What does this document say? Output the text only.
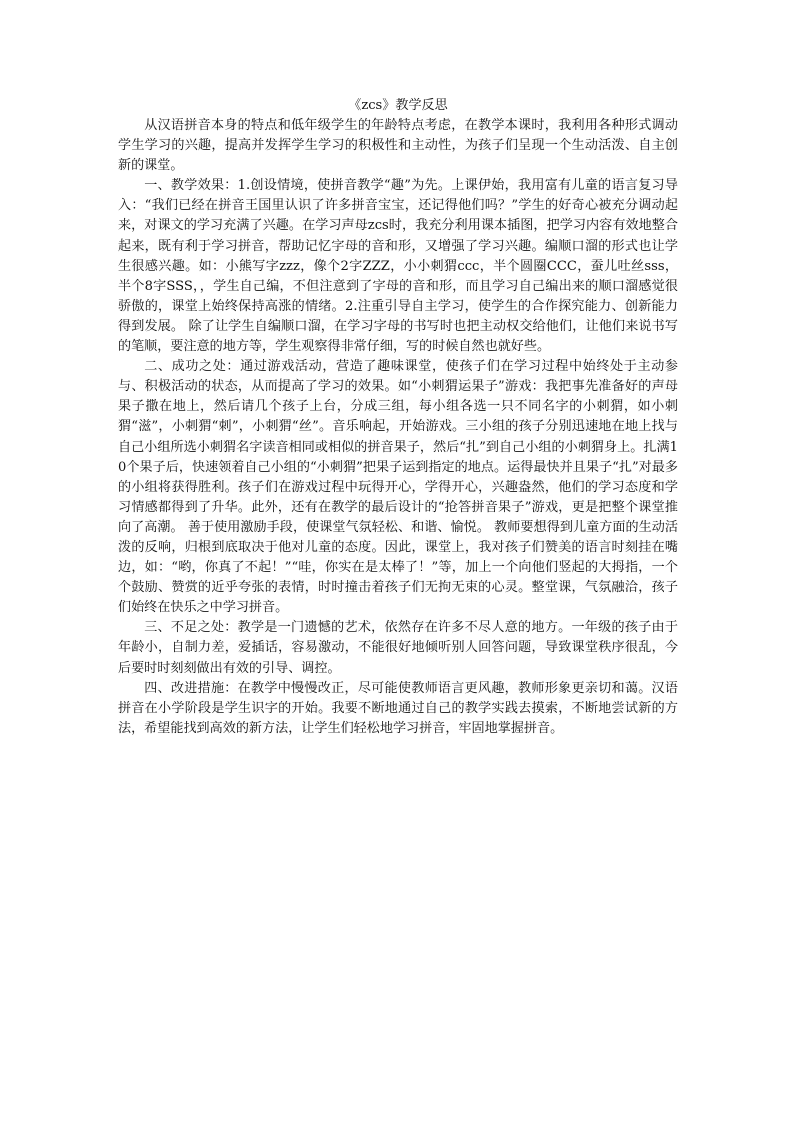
《zcs》教学反思

从汉语拼音本身的特点和低年级学生的年龄特点考虑，在教学本课时，我利用各种形式调动学生学习的兴趣，提高并发挥学生学习的积极性和主动性，为孩子们呈现一个生动活泼、自主创新的课堂。

一、教学效果：1.创设情境，使拼音教学“趣”为先。上课伊始，我用富有儿童的语言复习导入：“我们已经在拼音王国里认识了许多拼音宝宝，还记得他们吗？”学生的好奇心被充分调动起来，对课文的学习充满了兴趣。在学习声母zcs时，我充分利用课本插图，把学习内容有效地整合起来，既有利于学习拼音，帮助记忆字母的音和形，又增强了学习兴趣。编顺口溜的形式也让学生很感兴趣。如：小熊写字zzz，像个2字ZZZ，小小刺猬ccc，半个圆圈CCC，蚕儿吐丝sss，半个8字SSS，，学生自己编，不但注意到了字母的音和形，而且学习自己编出来的顺口溜感觉很骄傲的，课堂上始终保持高涨的情绪。2.注重引导自主学习，使学生的合作探究能力、创新能力得到发展。 除了让学生自编顺口溜，在学习字母的书写时也把主动权交给他们，让他们来说书写的笔顺，要注意的地方等，学生观察得非常仔细，写的时候自然也就好些。

二、成功之处：通过游戏活动，营造了趣味课堂，使孩子们在学习过程中始终处于主动参与、积极活动的状态，从而提高了学习的效果。如“小刺猬运果子”游戏：我把事先准备好的声母果子撒在地上，然后请几个孩子上台，分成三组，每小组各选一只不同名字的小刺猬，如小刺猬“滋”，小刺猬“刺”，小刺猬“丝”。音乐响起，开始游戏。三小组的孩子分别迅速地在地上找与自己小组所选小刺猬名字读音相同或相似的拼音果子，然后“扎”到自己小组的小刺猬身上。扎满10个果子后，快速领着自己小组的“小刺猬”把果子运到指定的地点。运得最快并且果子“扎”对最多的小组将获得胜利。孩子们在游戏过程中玩得开心，学得开心，兴趣盎然，他们的学习态度和学习情感都得到了升华。此外，还有在教学的最后设计的“抢答拼音果子”游戏，更是把整个课堂推向了高潮。 善于使用激励手段，使课堂气氛轻松、和谐、愉悦。 教师要想得到儿童方面的生动活泼的反响，归根到底取决于他对儿童的态度。因此，课堂上，我对孩子们赞美的语言时刻挂在嘴边，如：“哟，你真了不起！”“哇，你实在是太棒了！”等，加上一个向他们竖起的大拇指，一个个鼓励、赞赏的近乎夸张的表情，时时撞击着孩子们无拘无束的心灵。整堂课，气氛融洽，孩子们始终在快乐之中学习拼音。

三、不足之处：教学是一门遗憾的艺术，依然存在许多不尽人意的地方。一年级的孩子由于年龄小，自制力差，爱插话，容易激动，不能很好地倾听别人回答问题，导致课堂秩序很乱，今后要时时刻刻做出有效的引导、调控。

四、改进措施：在教学中慢慢改正，尽可能使教师语言更风趣，教师形象更亲切和蔼。汉语拼音在小学阶段是学生识字的开始。我要不断地通过自己的教学实践去摸索，不断地尝试新的方法，希望能找到高效的新方法，让学生们轻松地学习拼音，牢固地掌握拼音。
